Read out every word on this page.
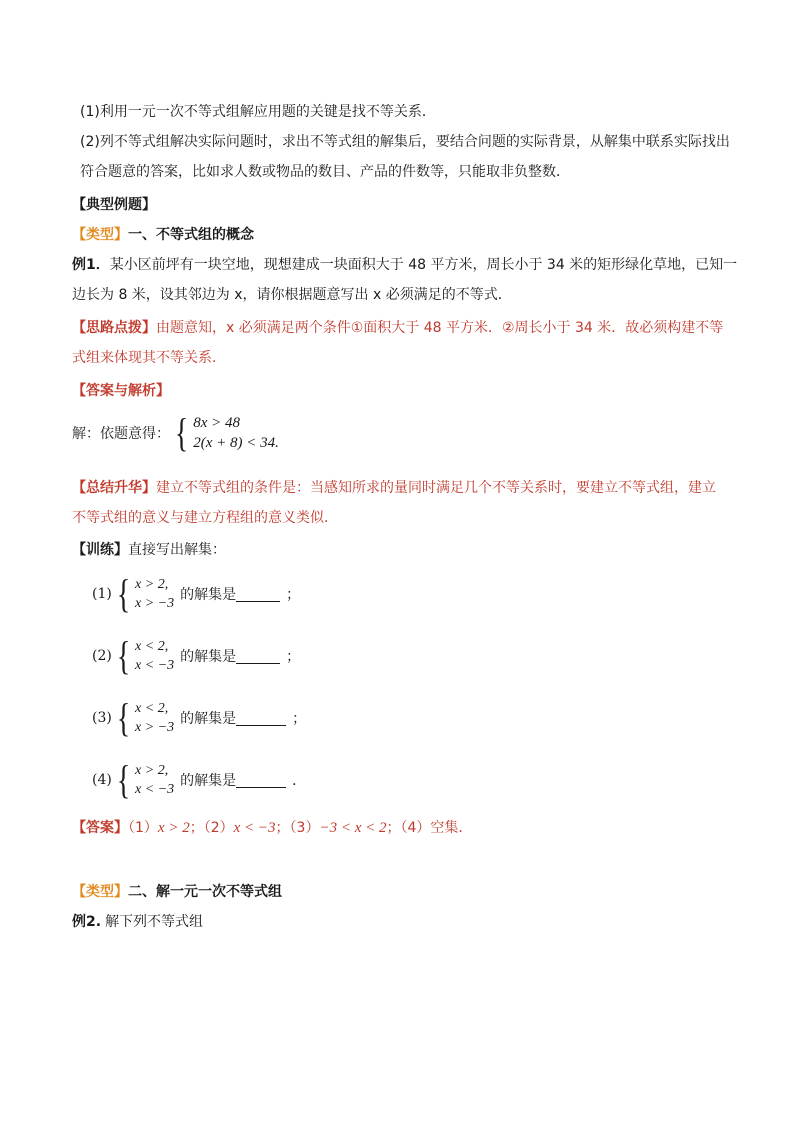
(1)利用一元一次不等式组解应用题的关键是找不等关系．
(2)列不等式组解决实际问题时，求出不等式组的解集后，要结合问题的实际背景，从解集中联系实际找出
符合题意的答案，比如求人数或物品的数目、产品的件数等，只能取非负整数．
【典型例题】
【类型】一、不等式组的概念
例1．某小区前坪有一块空地，现想建成一块面积大于 48 平方米，周长小于 34 米的矩形绿化草地，已知一
边长为 8 米，设其邻边为 x，请你根据题意写出 x 必须满足的不等式．
【思路点拨】由题意知，x 必须满足两个条件①面积大于 48 平方米．②周长小于 34 米．故必须构建不等
式组来体现其不等关系．
【答案与解析】
解：依题意得： { 8x > 48
2(x + 8) < 34.
【总结升华】建立不等式组的条件是：当感知所求的量同时满足几个不等关系时，要建立不等式组，建立
不等式组的意义与建立方程组的意义类似．
【训练】直接写出解集：
(1) { x > 2,
x > −3
的解集是	；
(2) { x < 2,
x < −3
的解集是	；
(3) { x < 2,
x > −3
的解集是	；
(4) { x > 2,
x < −3
的解集是	．
【答案】（1）x > 2；（2）x < −3；（3）−3 < x < 2；（4）空集．
【类型】二、解一元一次不等式组
例2. 解下列不等式组
